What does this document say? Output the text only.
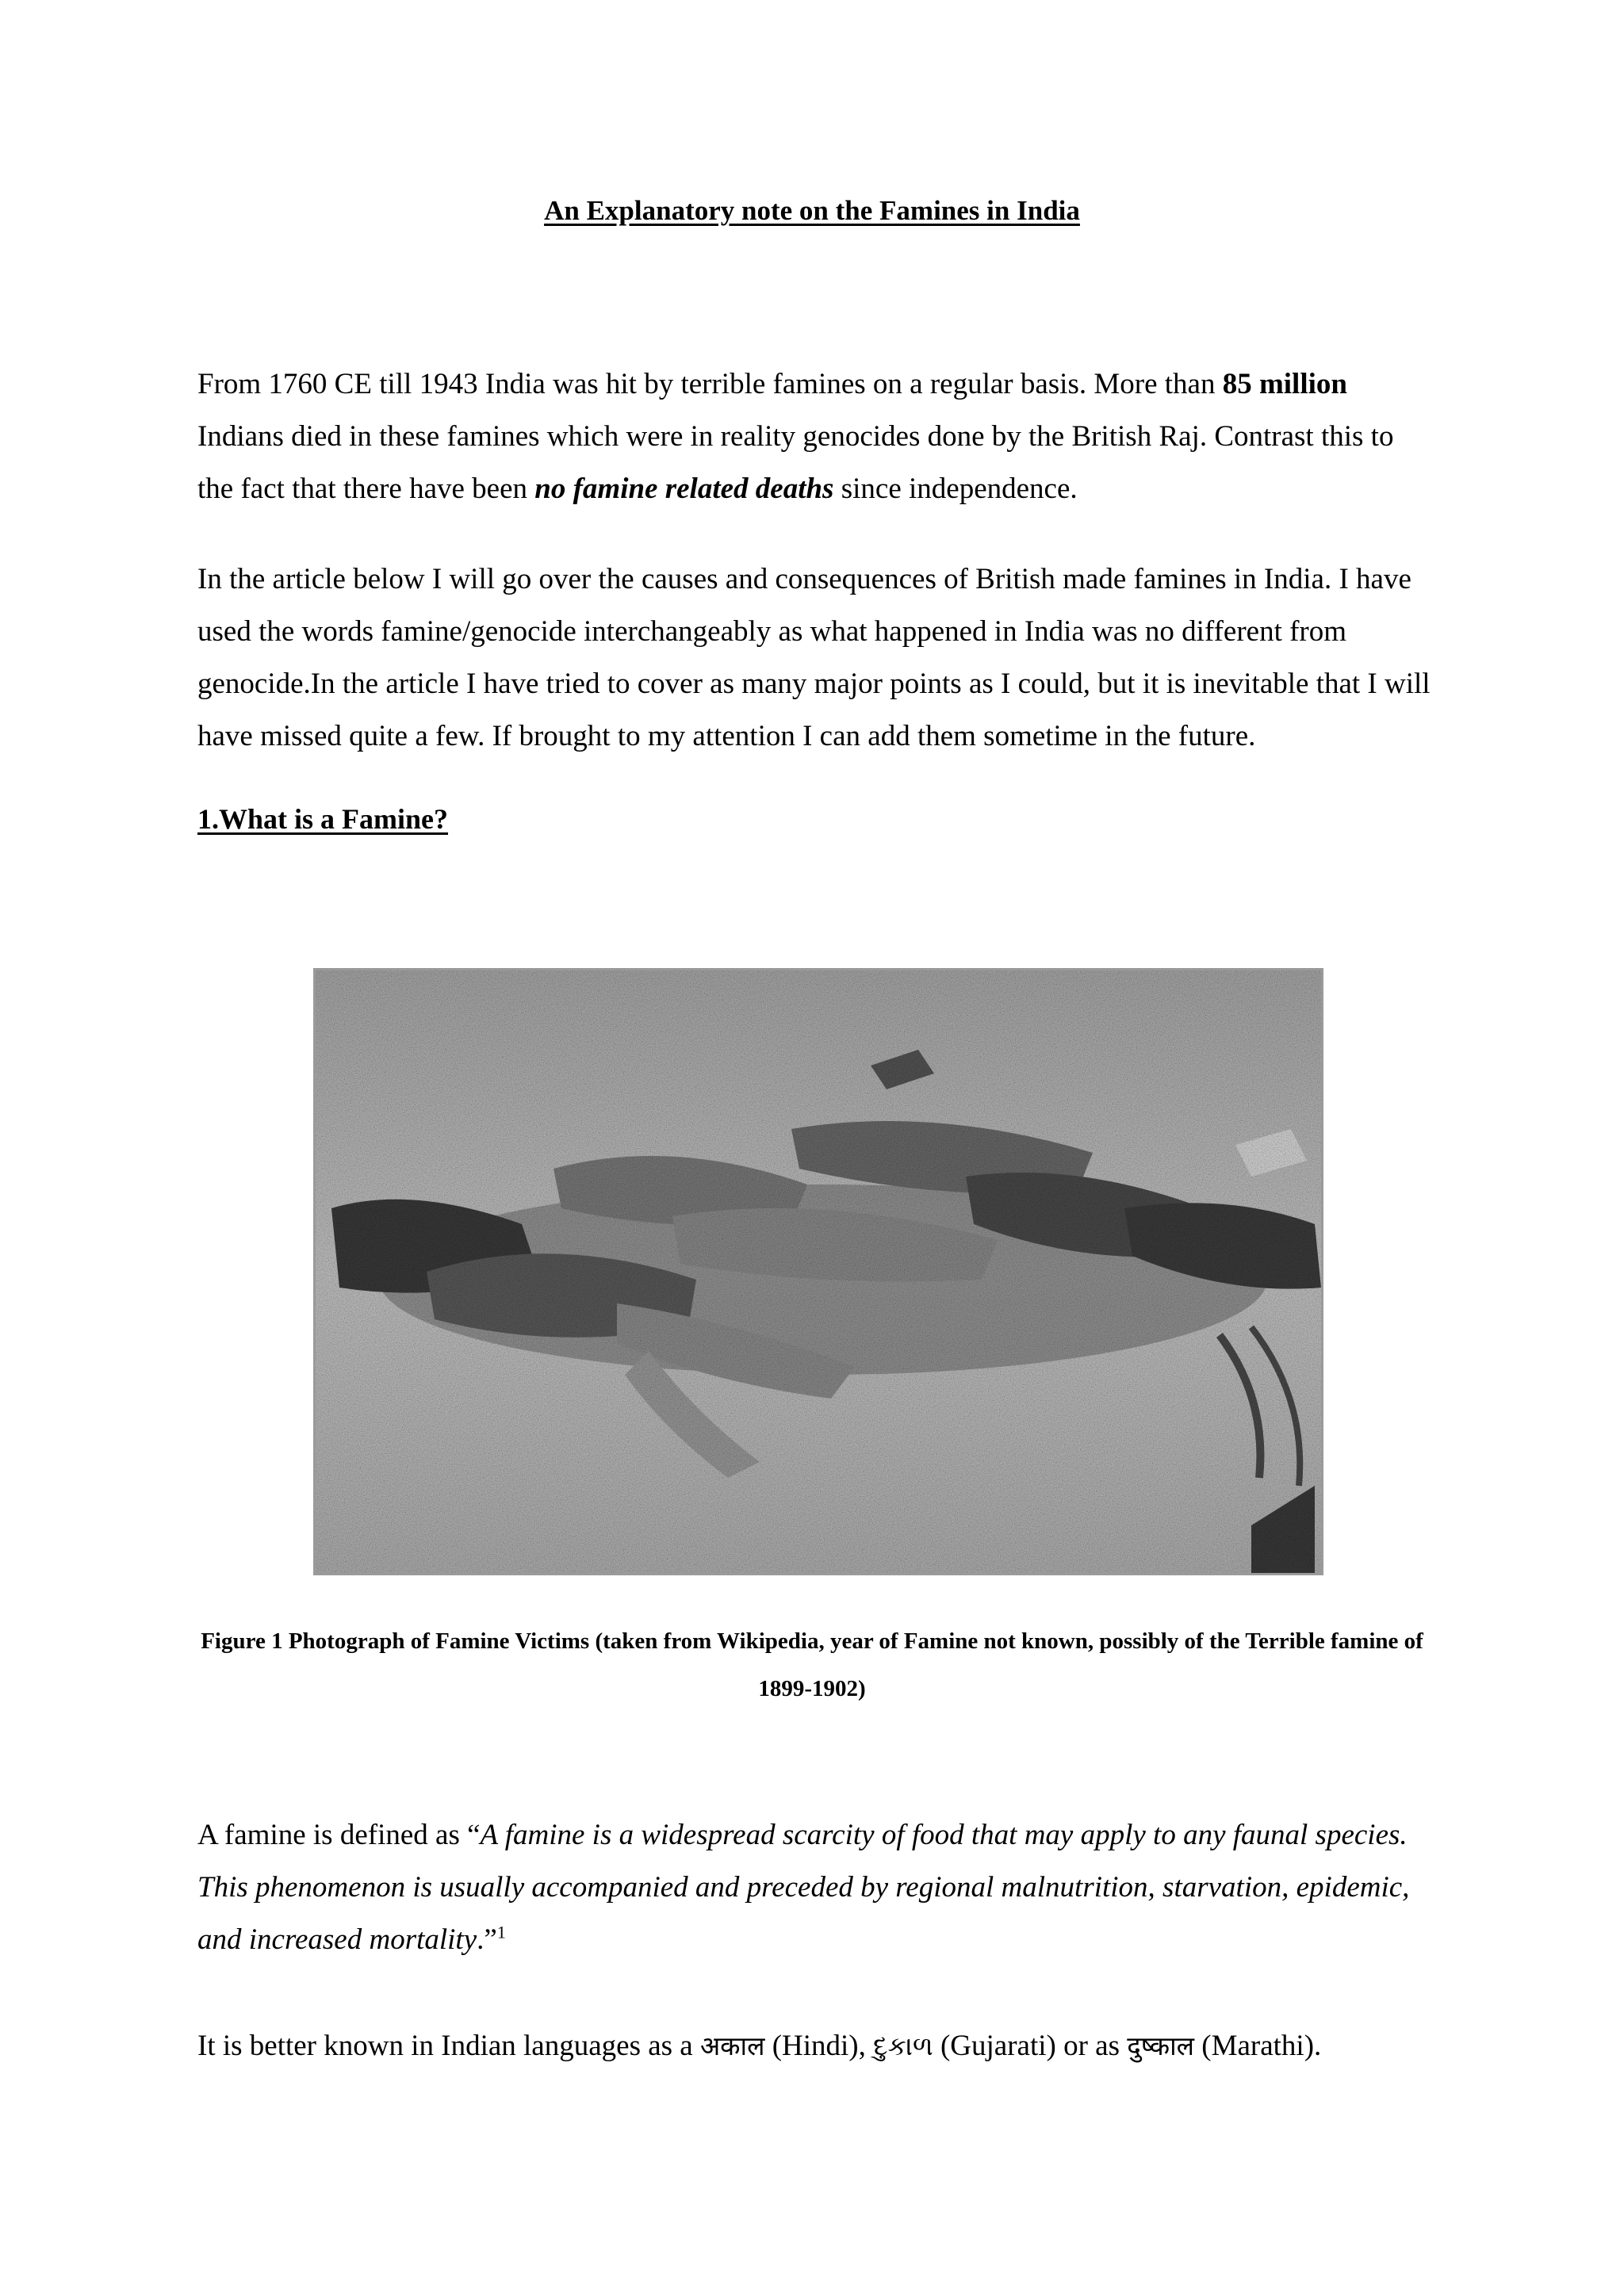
An Explanatory note on the Famines in India

From 1760 CE till 1943 India was hit by terrible famines on a regular basis. More than 85 million Indians died in these famines which were in reality genocides done by the British Raj. Contrast this to the fact that there have been no famine related deaths since independence.

In the article below I will go over the causes and consequences of British made famines in India. I have used the words famine/genocide interchangeably as what happened in India was no different from genocide.In the article I have tried to cover as many major points as I could, but it is inevitable that I will have missed quite a few. If brought to my attention I can add them sometime in the future.

1.What is a Famine?

Figure 1 Photograph of Famine Victims (taken from Wikipedia, year of Famine not known, possibly of the Terrible famine of 1899-1902)

A famine is defined as “A famine is a widespread scarcity of food that may apply to any faunal species. This phenomenon is usually accompanied and preceded by regional malnutrition, starvation, epidemic, and increased mortality.”$^1$

It is better known in Indian languages as a अकाल (Hindi), દુકાળ (Gujarati) or as दुष्काल (Marathi).
